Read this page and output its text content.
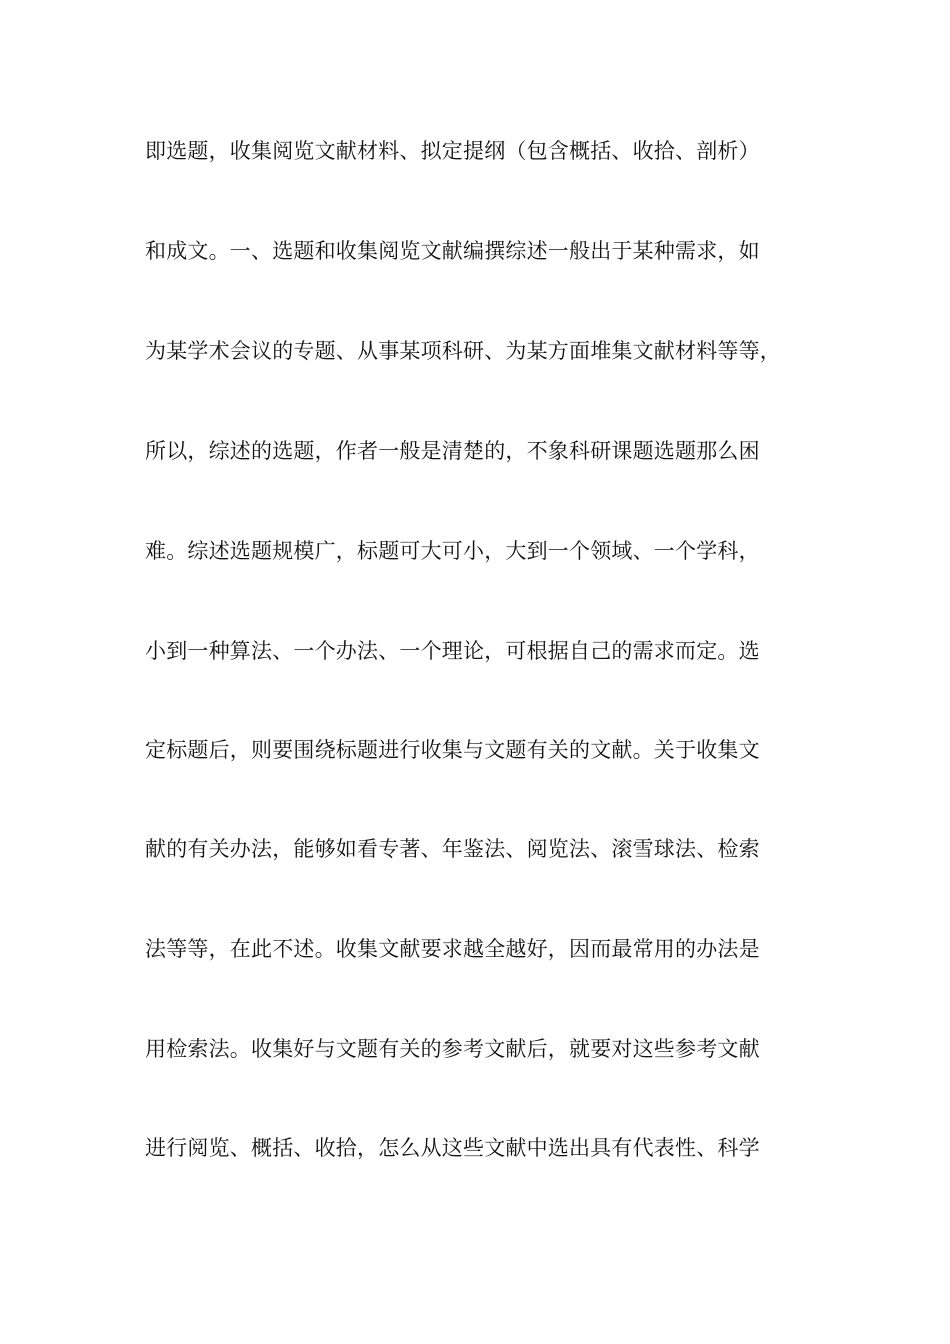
即选题，收集阅览文献材料、拟定提纲（包含概括、收拾、剖析）
和成文。一、选题和收集阅览文献编撰综述一般出于某种需求，如
为某学术会议的专题、从事某项科研、为某方面堆集文献材料等等，
所以，综述的选题，作者一般是清楚的，不象科研课题选题那么困
难。综述选题规模广，标题可大可小，大到一个领域、一个学科，
小到一种算法、一个办法、一个理论，可根据自己的需求而定。选
定标题后，则要围绕标题进行收集与文题有关的文献。关于收集文
献的有关办法，能够如看专著、年鉴法、阅览法、滚雪球法、检索
法等等，在此不述。收集文献要求越全越好，因而最常用的办法是
用检索法。收集好与文题有关的参考文献后，就要对这些参考文献
进行阅览、概括、收拾，怎么从这些文献中选出具有代表性、科学
